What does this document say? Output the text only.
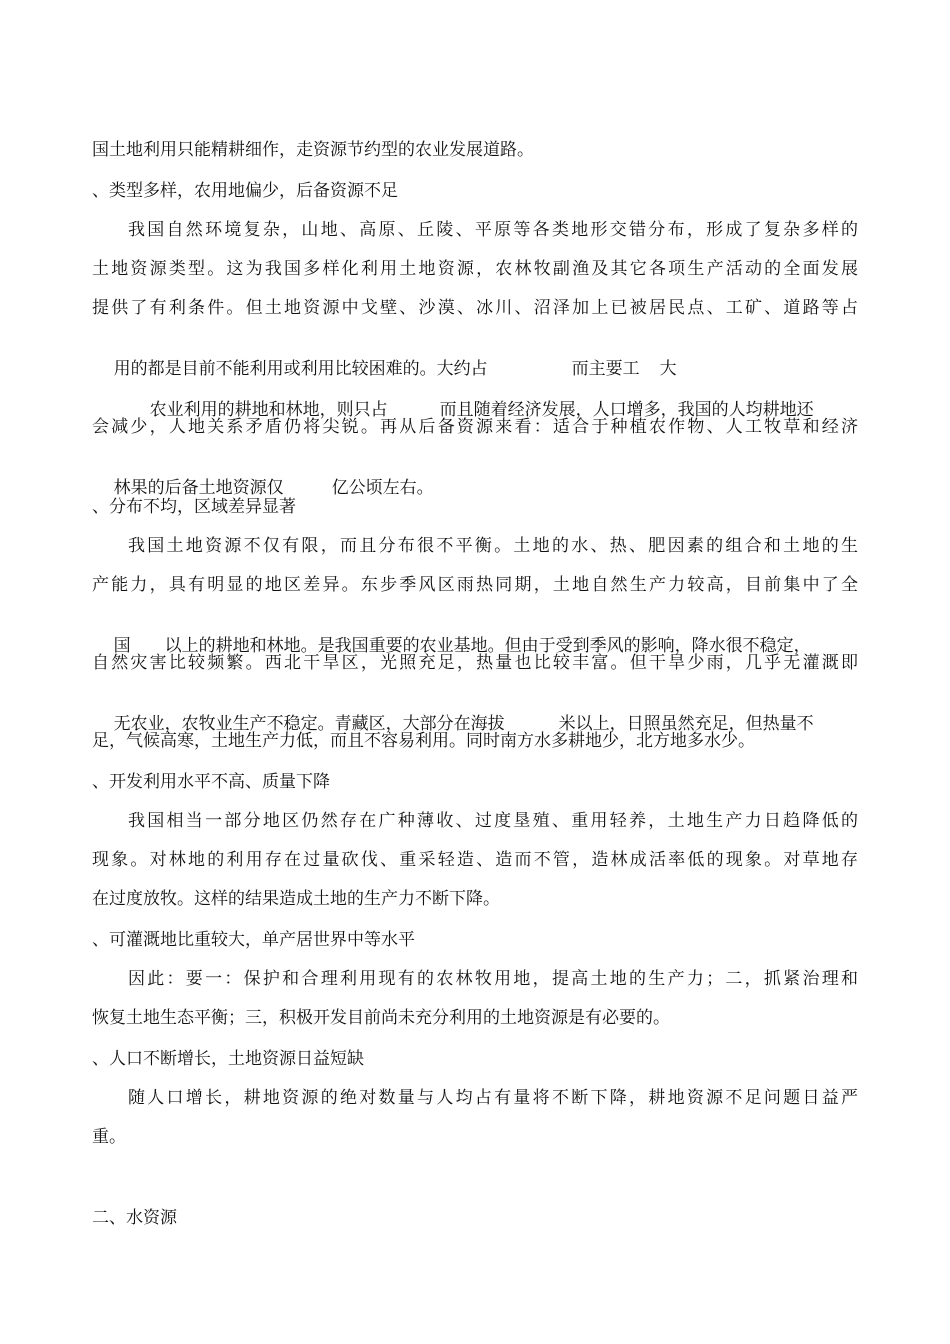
国土地利用只能精耕细作，走资源节约型的农业发展道路。
、类型多样，农用地偏少，后备资源不足
我国自然环境复杂，山地、高原、丘陵、平原等各类地形交错分布，形成了复杂多样的
土地资源类型。这为我国多样化利用土地资源，农林牧副渔及其它各项生产活动的全面发展
提供了有利条件。但土地资源中戈壁、沙漠、冰川、沼泽加上已被居民点、工矿、道路等占

用的都是目前不能利用或利用比较困难的。大约占	而主要工 大

农业利用的耕地和林地，则只占	而且随着经济发展，人口增多，我国的人均耕地还

会减少，人地关系矛盾仍将尖锐。再从后备资源来看：适合于种植农作物、人工牧草和经济

林果的后备土地资源仅	亿公顷左右。

、分布不均，区域差异显著
我国土地资源不仅有限，而且分布很不平衡。土地的水、热、肥因素的组合和土地的生
产能力，具有明显的地区差异。东步季风区雨热同期，土地自然生产力较高，目前集中了全

国 以上的耕地和林地。是我国重要的农业基地。但由于受到季风的影响，降水很不稳定，

自然灾害比较频繁。西北干旱区，光照充足，热量也比较丰富。但干旱少雨，几乎无灌溉即

无农业，农牧业生产不稳定。青藏区，大部分在海拔	米以上，日照虽然充足，但热量不

足，气候高寒，土地生产力低，而且不容易利用。同时南方水多耕地少，北方地多水少。
、开发利用水平不高、质量下降
我国相当一部分地区仍然存在广种薄收、过度垦殖、重用轻养，土地生产力日趋降低的
现象。对林地的利用存在过量砍伐、重采轻造、造而不管，造林成活率低的现象。对草地存
在过度放牧。这样的结果造成土地的生产力不断下降。
、可灌溉地比重较大，单产居世界中等水平
因此：要一：保护和合理利用现有的农林牧用地，提高土地的生产力；二，抓紧治理和
恢复土地生态平衡；三，积极开发目前尚未充分利用的土地资源是有必要的。
、人口不断增长，土地资源日益短缺
随人口增长，耕地资源的绝对数量与人均占有量将不断下降，耕地资源不足问题日益严
重。
二、水资源
